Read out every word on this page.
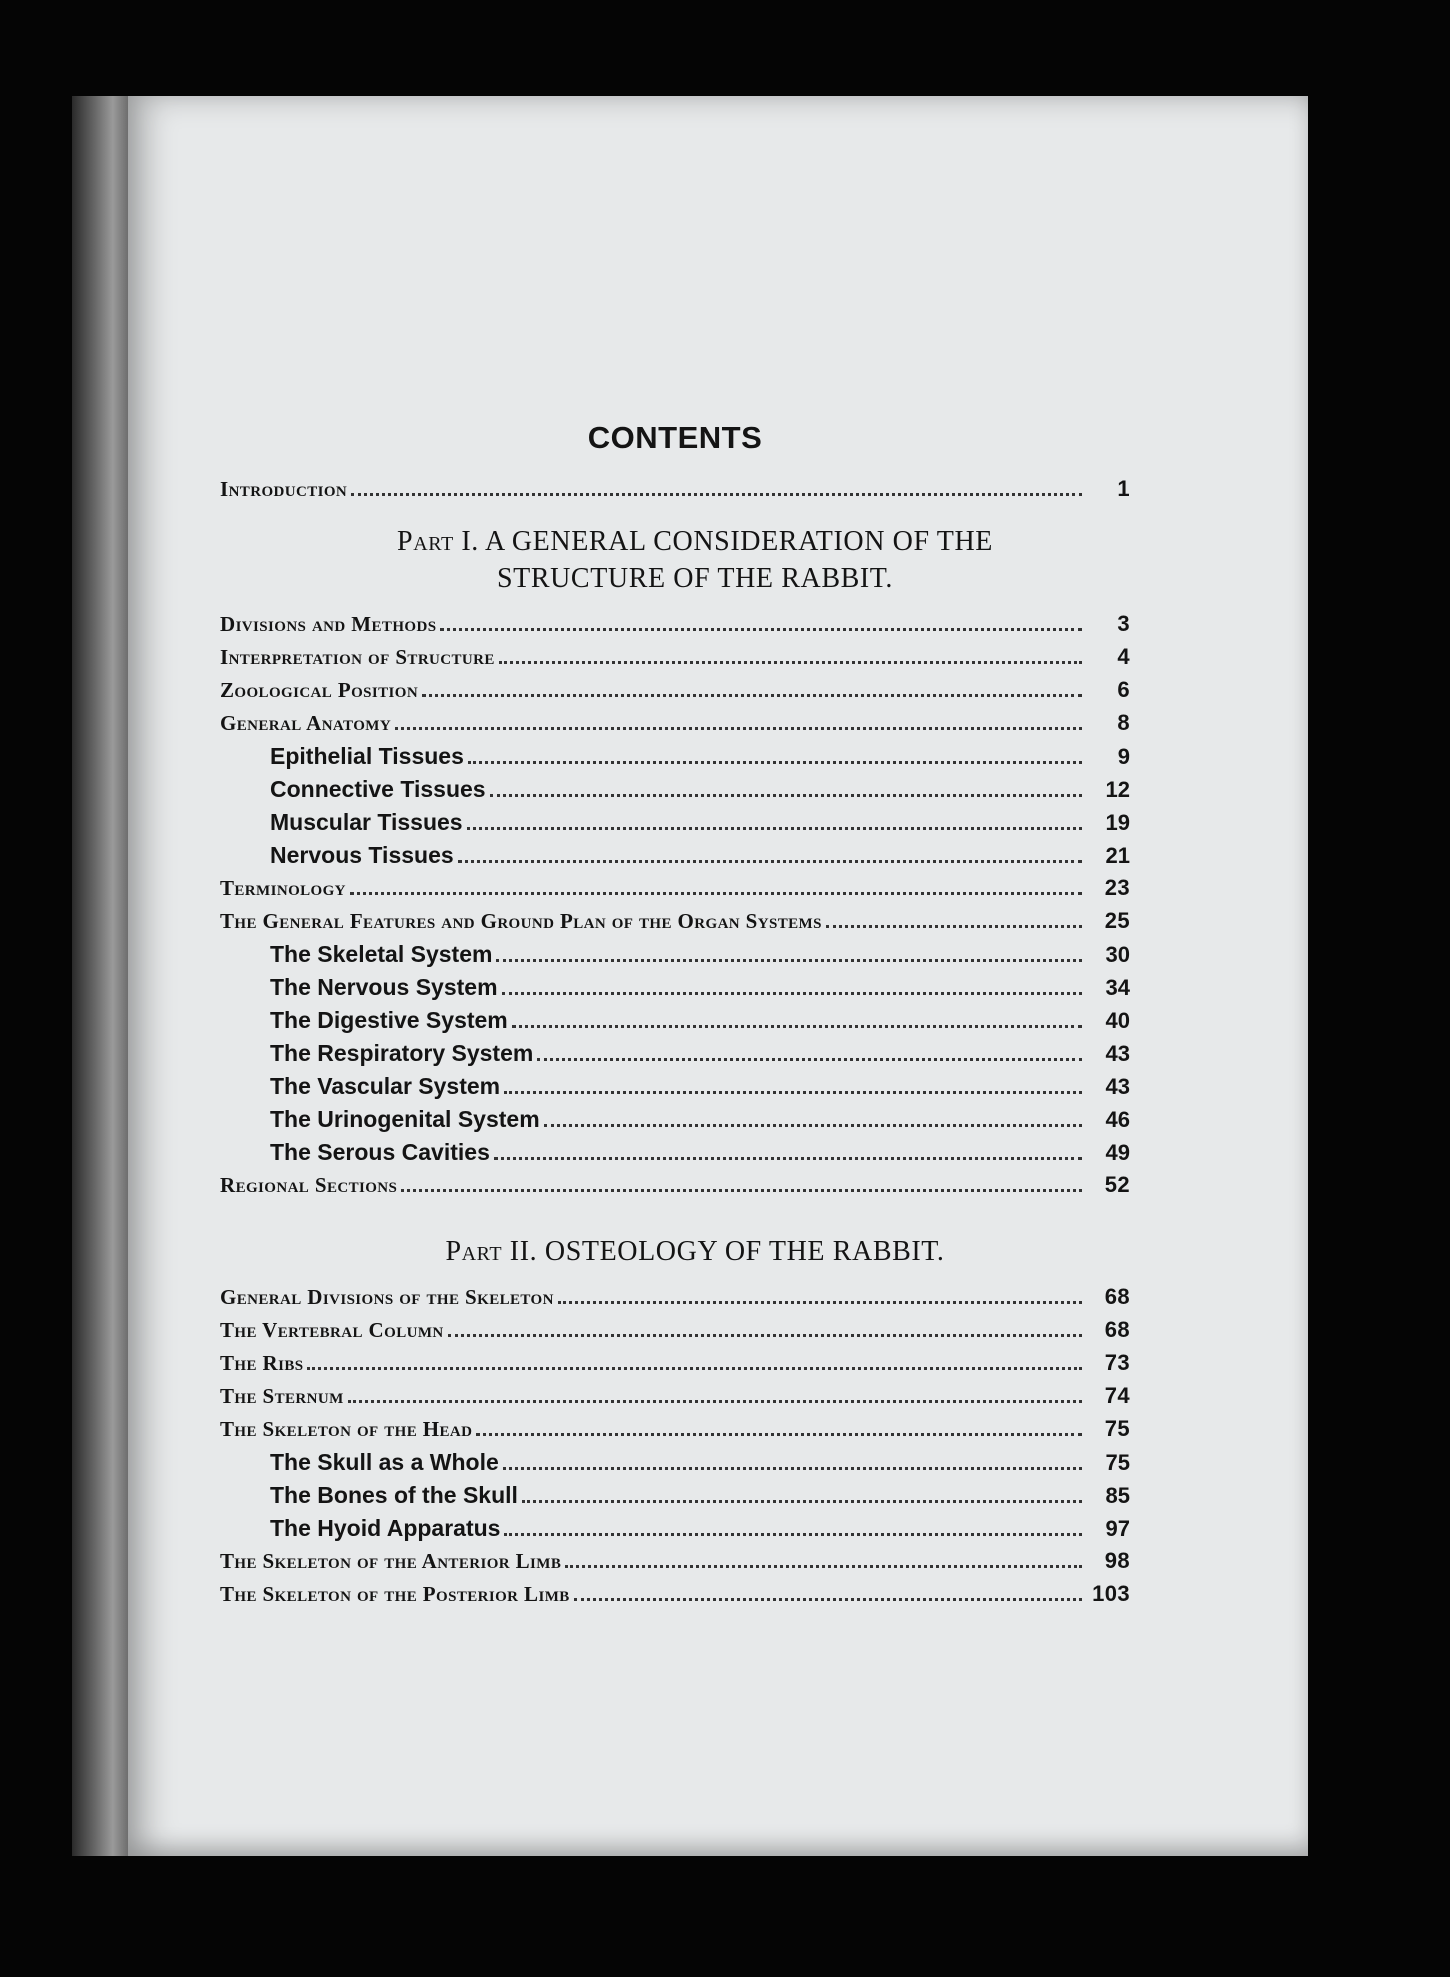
CONTENTS
Introduction	1
Part I. A GENERAL CONSIDERATION OF THE
STRUCTURE OF THE RABBIT.
Divisions and Methods	3
Interpretation of Structure	4
Zoological Position	6
General Anatomy	8
Epithelial Tissues	9
Connective Tissues	12
Muscular Tissues	19
Nervous Tissues	21
Terminology	23
The General Features and Ground Plan of the Organ Systems	25
The Skeletal System	30
The Nervous System	34
The Digestive System	40
The Respiratory System	43
The Vascular System	43
The Urinogenital System	46
The Serous Cavities	49
Regional Sections	52
Part II. OSTEOLOGY OF THE RABBIT.
General Divisions of the Skeleton	68
The Vertebral Column	68
The Ribs	73
The Sternum	74
The Skeleton of the Head	75
The Skull as a Whole	75
The Bones of the Skull	85
The Hyoid Apparatus	97
The Skeleton of the Anterior Limb	98
The Skeleton of the Posterior Limb	103
